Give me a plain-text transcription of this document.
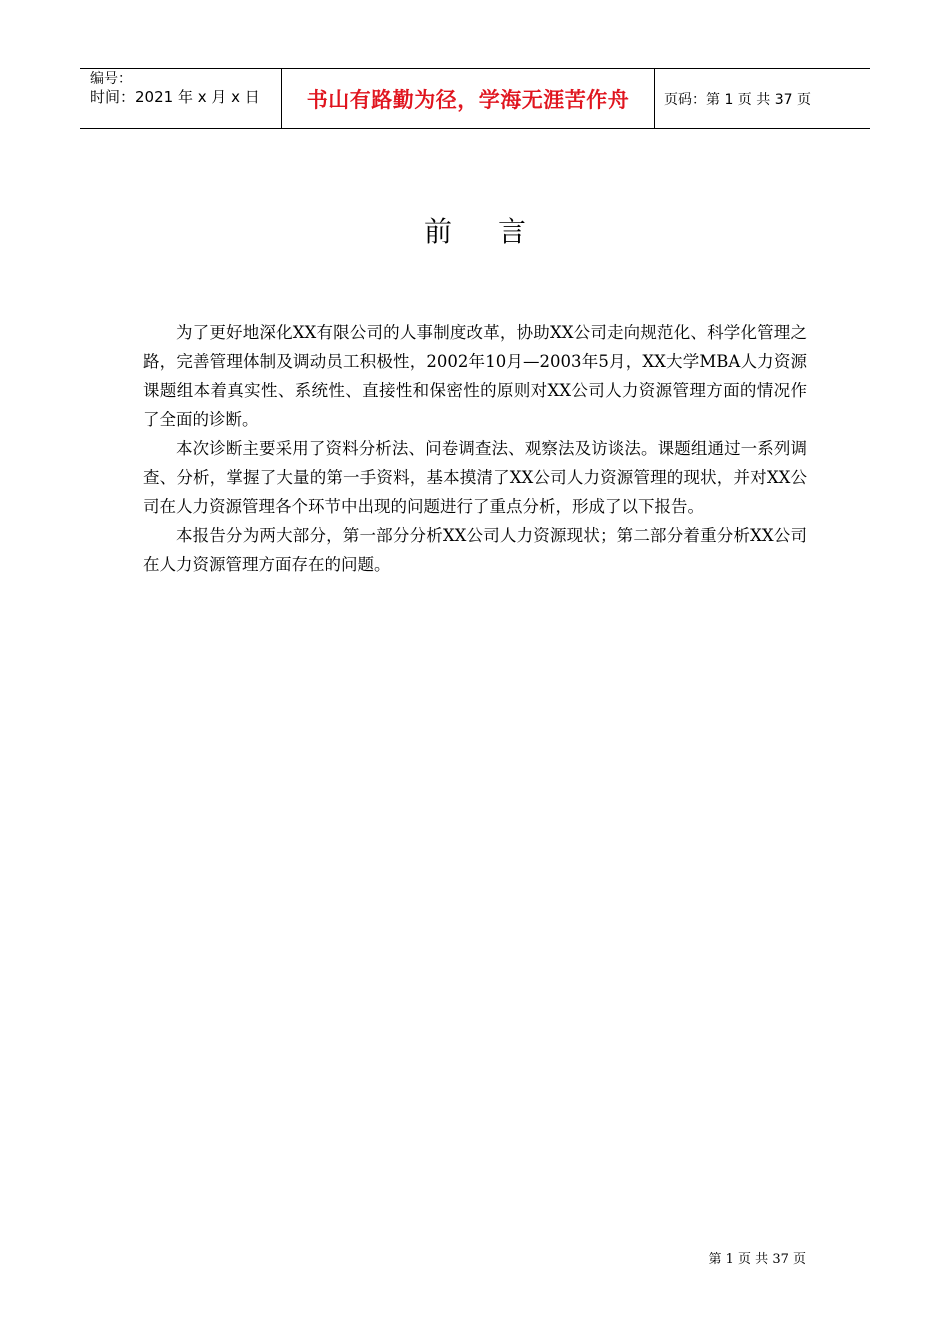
编号：
时间：2021 年 x 月 x 日 书山有路勤为径，学海无涯苦作舟 页码：第 1 页 共 37 页
前言

为了更好地深化XX有限公司的人事制度改革，协助XX公司走向规范化、科学化管理之路，完善管理体制及调动员工积极性，2002年10月—2003年5月，XX大学MBA人力资源课题组本着真实性、系统性、直接性和保密性的原则对XX公司人力资源管理方面的情况作了全面的诊断。

本次诊断主要采用了资料分析法、问卷调查法、观察法及访谈法。课题组通过一系列调查、分析，掌握了大量的第一手资料，基本摸清了XX公司人力资源管理的现状，并对XX公司在人力资源管理各个环节中出现的问题进行了重点分析，形成了以下报告。

本报告分为两大部分，第一部分分析XX公司人力资源现状；第二部分着重分析XX公司在人力资源管理方面存在的问题。

第 1 页 共 37 页
